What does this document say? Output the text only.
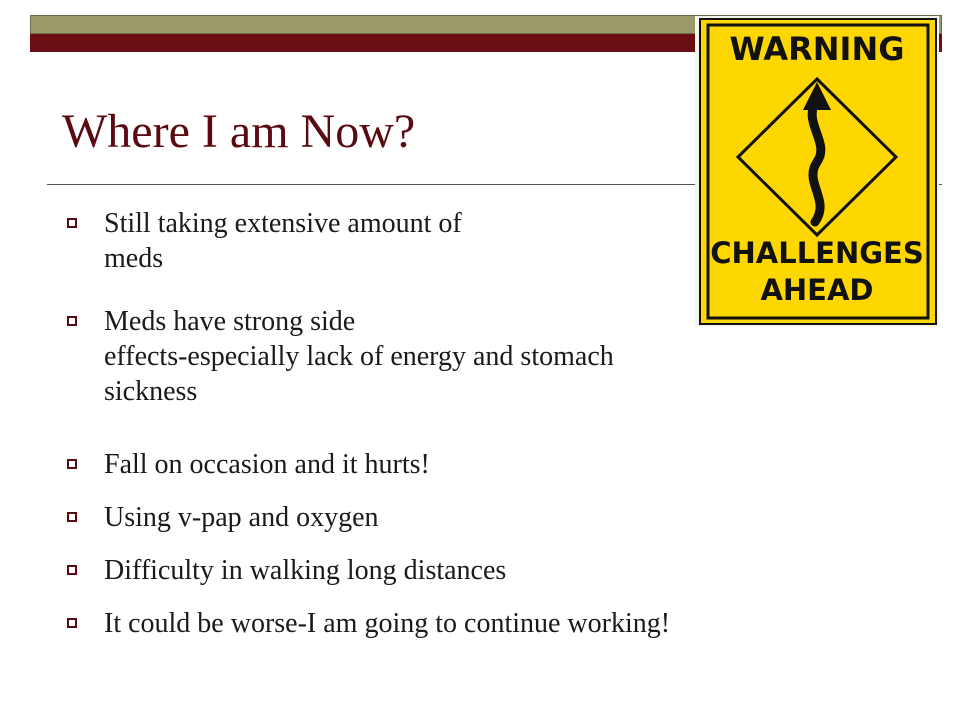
Where I am Now?
Still taking extensive amount of
meds
Meds have strong side
effects-especially lack of energy and stomach
sickness
Fall on occasion and it hurts!
Using v-pap and oxygen
Difficulty in walking long distances
It could be worse-I am going to continue working!
WARNING
CHALLENGES
AHEAD
